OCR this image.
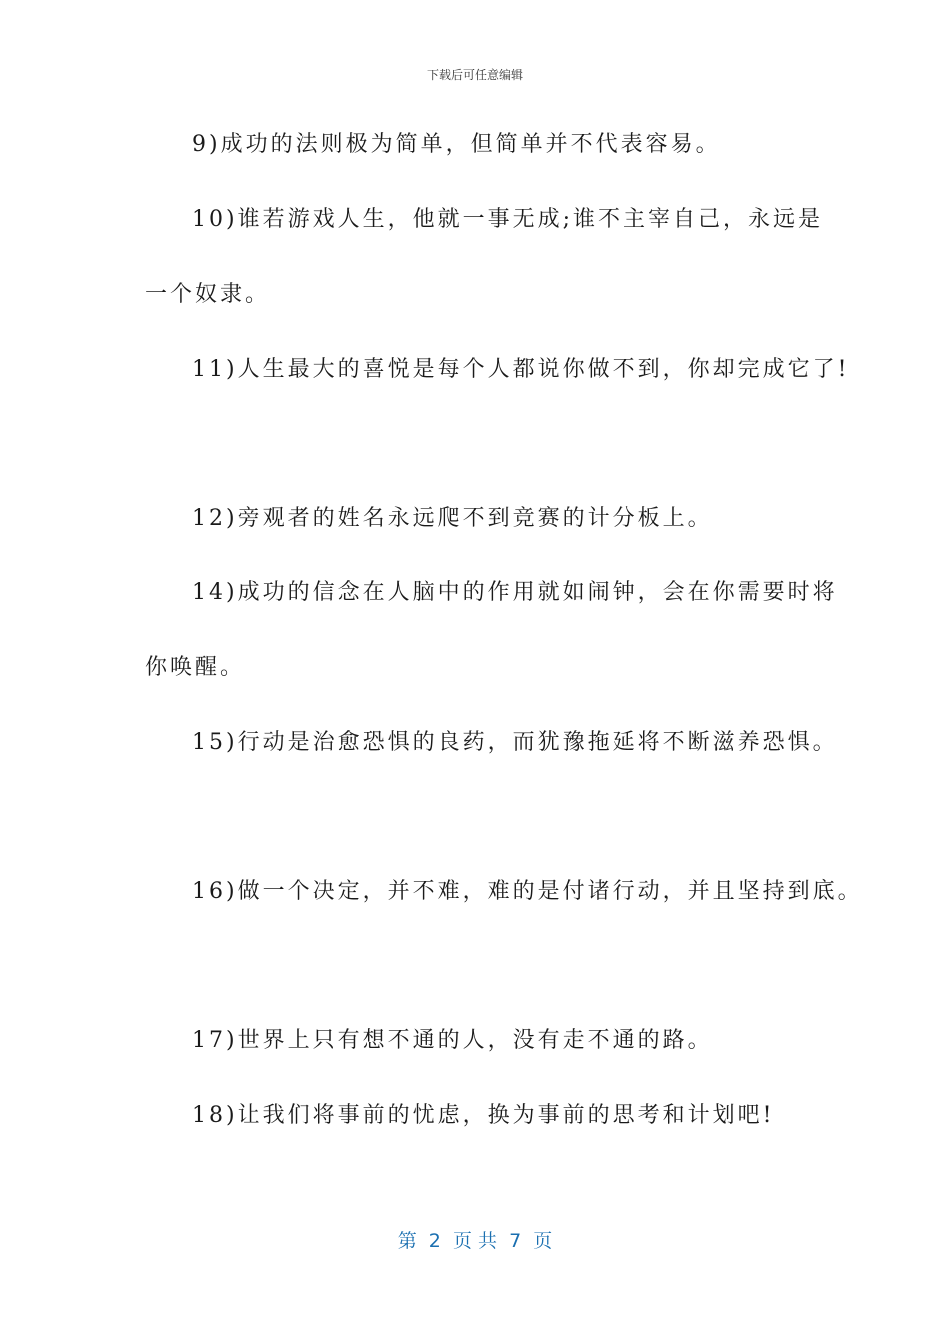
下载后可任意编辑
9)成功的法则极为简单，但简单并不代表容易。
10)谁若游戏人生，他就一事无成;谁不主宰自己，永远是
一个奴隶。
11)人生最大的喜悦是每个人都说你做不到，你却完成它了!
12)旁观者的姓名永远爬不到竞赛的计分板上。
14)成功的信念在人脑中的作用就如闹钟，会在你需要时将
你唤醒。
15)行动是治愈恐惧的良药，而犹豫拖延将不断滋养恐惧。
16)做一个决定，并不难，难的是付诸行动，并且坚持到底。
17)世界上只有想不通的人，没有走不通的路。
18)让我们将事前的忧虑，换为事前的思考和计划吧!
第  2  页 共  7  页
